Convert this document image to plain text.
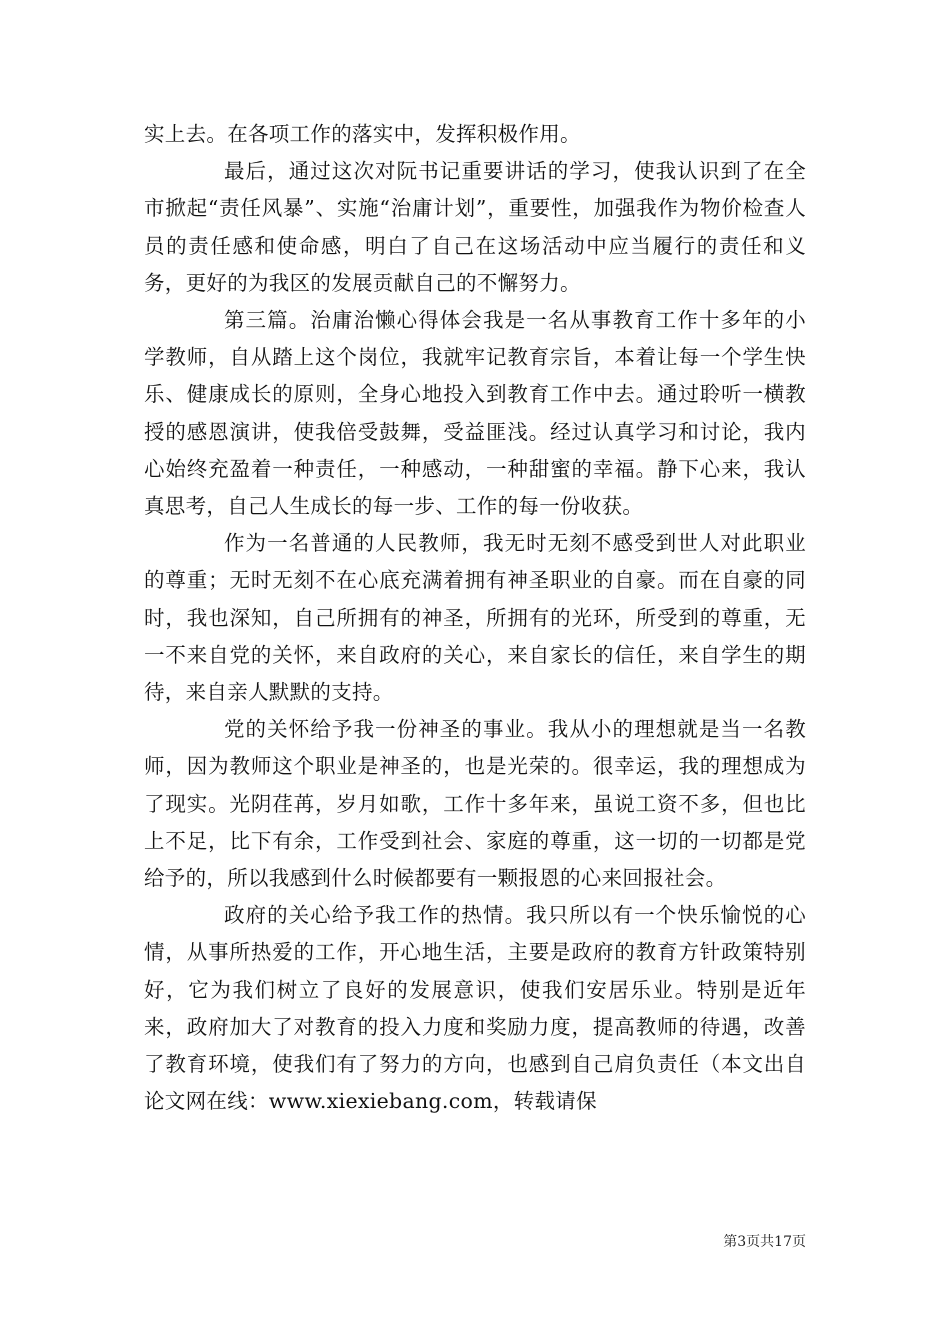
实上去。在各项工作的落实中，发挥积极作用。

最后，通过这次对阮书记重要讲话的学习，使我认识到了在全市掀起“责任风暴”、实施“治庸计划”，重要性，加强我作为物价检查人员的责任感和使命感，明白了自己在这场活动中应当履行的责任和义务，更好的为我区的发展贡献自己的不懈努力。

第三篇。治庸治懒心得体会我是一名从事教育工作十多年的小学教师，自从踏上这个岗位，我就牢记教育宗旨，本着让每一个学生快乐、健康成长的原则，全身心地投入到教育工作中去。通过聆听一横教授的感恩演讲，使我倍受鼓舞，受益匪浅。经过认真学习和讨论，我内心始终充盈着一种责任，一种感动，一种甜蜜的幸福。静下心来，我认真思考，自己人生成长的每一步、工作的每一份收获。

作为一名普通的人民教师，我无时无刻不感受到世人对此职业的尊重；无时无刻不在心底充满着拥有神圣职业的自豪。而在自豪的同时，我也深知，自己所拥有的神圣，所拥有的光环，所受到的尊重，无一不来自党的关怀，来自政府的关心，来自家长的信任，来自学生的期待，来自亲人默默的支持。

党的关怀给予我一份神圣的事业。我从小的理想就是当一名教师，因为教师这个职业是神圣的，也是光荣的。很幸运，我的理想成为了现实。光阴荏苒，岁月如歌，工作十多年来，虽说工资不多，但也比上不足，比下有余，工作受到社会、家庭的尊重，这一切的一切都是党给予的，所以我感到什么时候都要有一颗报恩的心来回报社会。

政府的关心给予我工作的热情。我只所以有一个快乐愉悦的心情，从事所热爱的工作，开心地生活，主要是政府的教育方针政策特别好，它为我们树立了良好的发展意识，使我们安居乐业。特别是近年来，政府加大了对教育的投入力度和奖励力度，提高教师的待遇，改善了教育环境，使我们有了努力的方向，也感到自己肩负责任（本文出自论文网在线：www.xiexiebang.com，转载请保

第3页共17页
